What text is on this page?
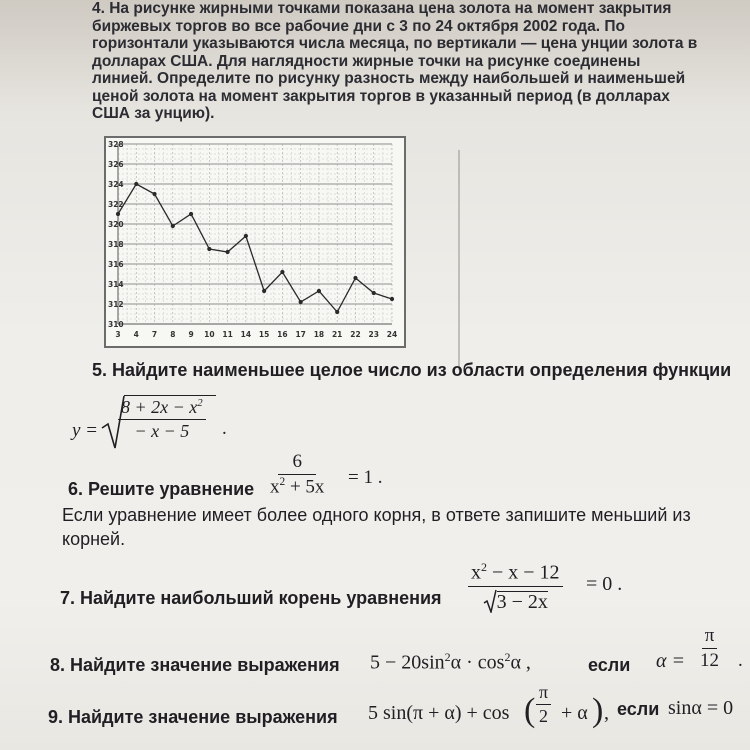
4. На рисунке жирными точками показана цена золота на момент закрытия

биржевых торгов во все рабочие дни с 3 по 24 октября 2002 года. По

горизонтали указываются числа месяца, по вертикали — цена унции золота в

долларах США. Для наглядности жирные точки на рисунке соединены

линией. Определите по рисунку разность между наибольшей и наименьшей

ценой золота на момент закрытия торгов в указанный период (в долларах

США за унцию).

328
326
324
322
320
318
316
314
312
310
3 4 7 8 9 10 11 14 15 16 17 18 21 22 23 24
5. Найдите наименьшее целое число из области определения функции
$y = \frac{8 + 2x - x^2}{- x - 5}$ .
6. Решите уравнение $\frac{6}{x^2 + 5x} = 1$ .
Если уравнение имеет более одного корня, в ответе запишите меньший из
корней.
7. Найдите наибольший корень уравнения $\frac{x^2 - x - 12}{3 - 2x} = 0$ .
8. Найдите значение выражения $5 - 20\sin^2\alpha \cdot \cos^2\alpha$ ,	если $\alpha = \frac{\pi}{12}$ .
9. Найдите значение выражения 5 sin(π + α) + cos ( $\frac{\pi}{2} + \alpha$ ) , если sinα = 0
